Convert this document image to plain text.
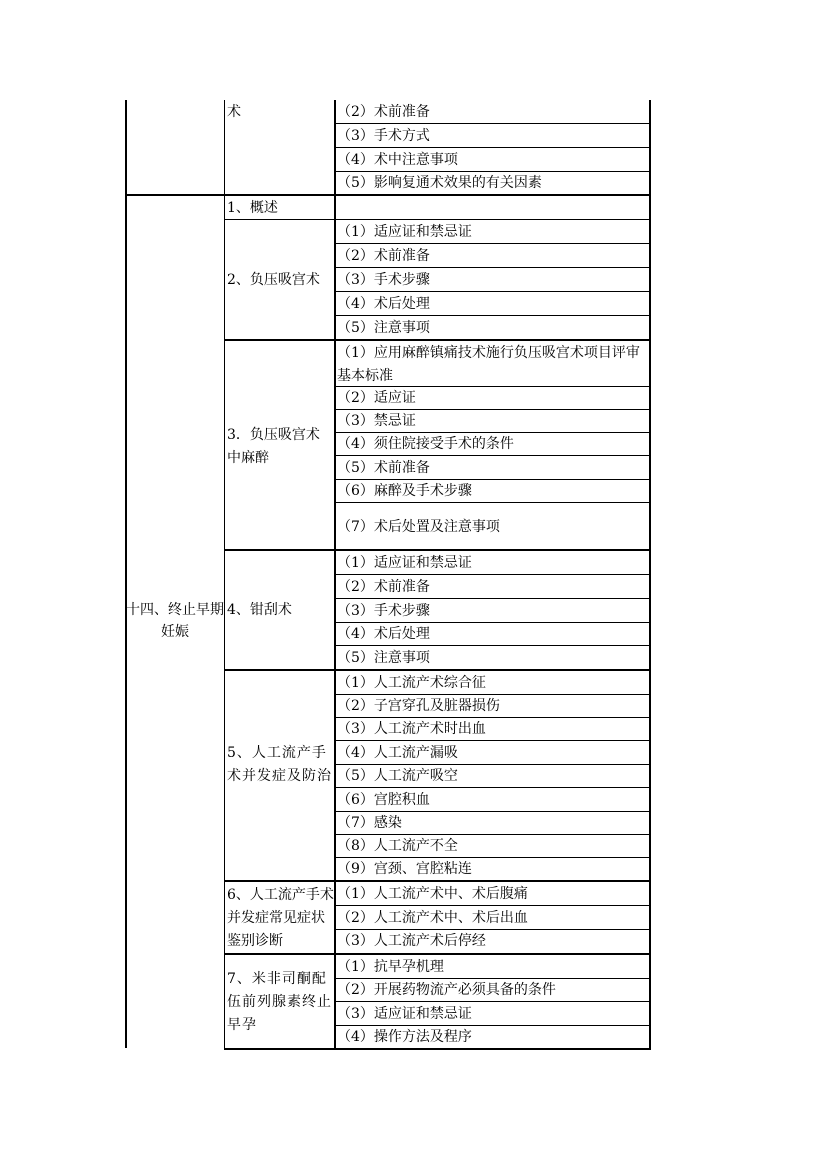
术	（2）术前准备
（3）手术方式
（4）术中注意事项
（5）影响复通术效果的有关因素
十四、终止早期妊娠
1、概述
2、负压吸宫术
（1）适应证和禁忌证
（2）术前准备
（3）手术步骤
（4）术后处理
（5）注意事项
3．负压吸宫术中麻醉
（1）应用麻醉镇痛技术施行负压吸宫术项目评审基本标准
（2）适应证
（3）禁忌证
（4）须住院接受手术的条件
（5）术前准备
（6）麻醉及手术步骤
（7）术后处置及注意事项
4、钳刮术
（1）适应证和禁忌证
（2）术前准备
（3）手术步骤
（4）术后处理
（5）注意事项
5、人工流产手术并发症及防治
（1）人工流产术综合征
（2）子宫穿孔及脏器损伤
（3）人工流产术时出血
（4）人工流产漏吸
（5）人工流产吸空
（6）宫腔积血
（7）感染
（8）人工流产不全
（9）宫颈、宫腔粘连
6、人工流产手术并发症常见症状鉴别诊断
（1）人工流产术中、术后腹痛
（2）人工流产术中、术后出血
（3）人工流产术后停经
7、米非司酮配伍前列腺素终止早孕
（1）抗早孕机理
（2）开展药物流产必须具备的条件
（3）适应证和禁忌证
（4）操作方法及程序
